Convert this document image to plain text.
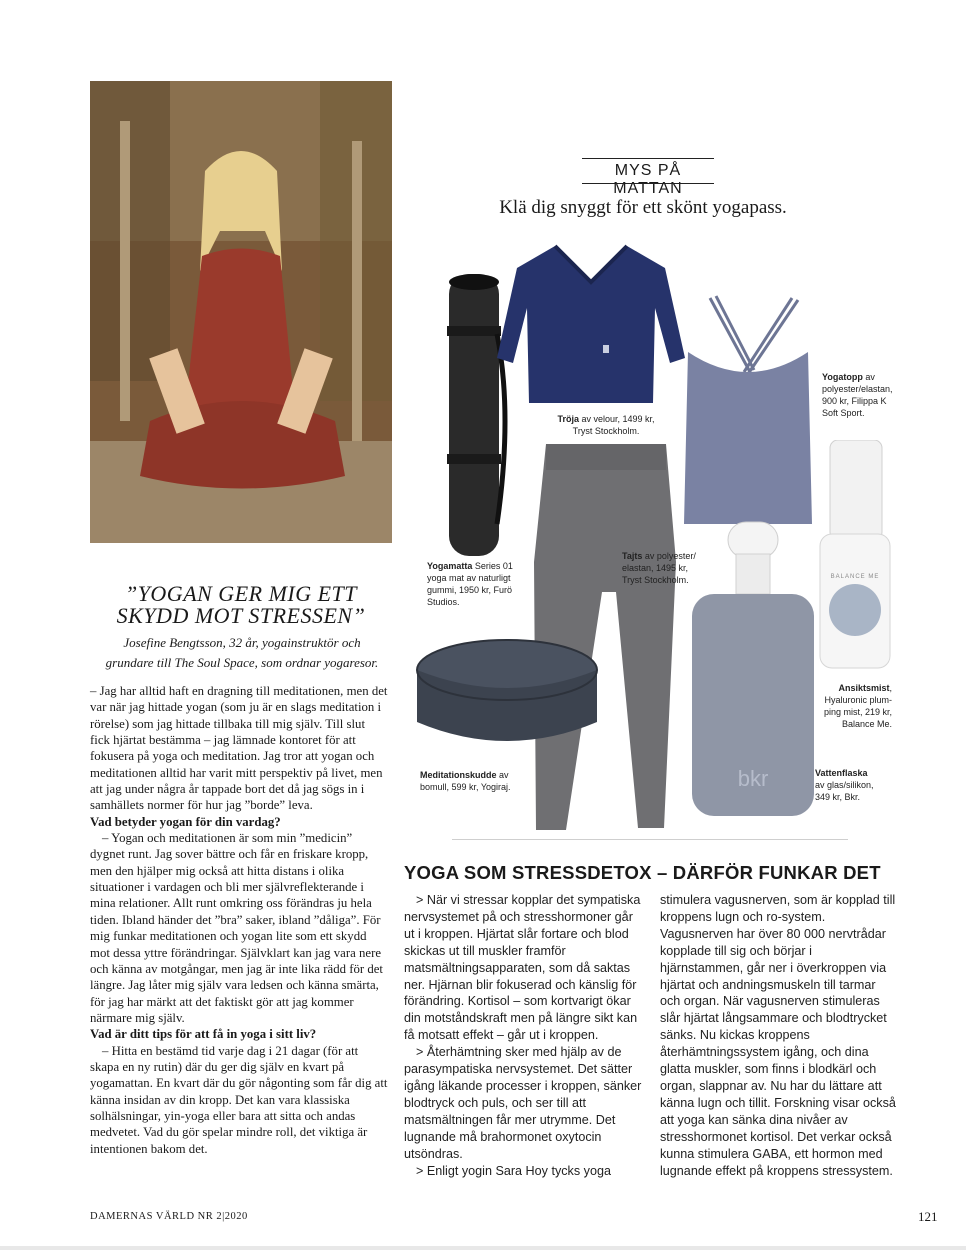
”YOGAN GER MIG ETT
SKYDD MOT STRESSEN”
Josefine Bengtsson, 32 år, yogainstruktör och
grundare till The Soul Space, som ordnar yogaresor.

– Jag har alltid haft en dragning till meditationen, men det var när jag hittade yogan (som ju är en slags meditation i rörelse) som jag hittade tillbaka till mig själv. Till slut fick hjärtat bestämma – jag lämnade kontoret för att fokusera på yoga och meditation. Jag tror att yogan och meditationen alltid har varit mitt perspektiv på livet, men att jag under några år tappade bort det då jag sögs in i samhällets normer för hur jag ”borde” leva.

Vad betyder yogan för din vardag?

– Yogan och meditationen är som min ”medicin” dygnet runt. Jag sover bättre och får en friskare kropp, men den hjälper mig också att hitta distans i olika situationer i vardagen och bli mer självreflekterande i mina relationer. Allt runt omkring oss förändras ju hela tiden. Ibland händer det ”bra” saker, ibland ”dåliga”. För mig funkar meditationen och yogan lite som ett skydd mot dessa yttre förändringar. Självklart kan jag vara nere och känna av motgångar, men jag är inte lika rädd för det längre. Jag låter mig själv vara ledsen och känna smärta, för jag har märkt att det faktiskt gör att jag kommer närmare mig själv.

Vad är ditt tips för att få in yoga i sitt liv?

– Hitta en bestämd tid varje dag i 21 dagar (för att skapa en ny rutin) där du ger dig själv en kvart på yogamattan. En kvart där du gör någonting som får dig att känna insidan av din kropp. Det kan vara klassiska solhälsningar, yin-yoga eller bara att sitta och andas medvetet. Vad du gör spelar mindre roll, det viktiga är intentionen bakom det.

MYS PÅ MATTAN
Klä dig snyggt för ett skönt yogapass.
BALANCE ME
bkr
Tröja av velour, 1499 kr,
Tryst Stockholm.
Yogatopp av
polyester/elastan,
900 kr, Filippa K
Soft Sport.
Yogamatta Series 01
yoga mat av naturligt
gummi, 1950 kr, Furö
Studios.
Tajts av polyester/
elastan, 1495 kr,
Tryst Stockholm.
Ansiktsmist,
Hyaluronic plum-
ping mist, 219 kr,
Balance Me.
Meditationskudde av
bomull, 599 kr, Yogiraj.
Vattenflaska
av glas/silikon,
349 kr, Bkr.
YOGA SOM STRESSDETOX – DÄRFÖR FUNKAR DET

> När vi stressar kopplar det sympatiska nervsystemet på och stresshormoner går ut i kroppen. Hjärtat slår fortare och blod skickas ut till muskler framför matsmältningsapparaten, som då saktas ner. Hjärnan blir fokuserad och känslig för förändring. Kortisol – som kortvarigt ökar din motståndskraft men på längre sikt kan få motsatt effekt – går ut i kroppen.

> Återhämtning sker med hjälp av de parasympatiska nervsystemet. Det sätter igång läkande processer i kroppen, sänker blodtryck och puls, och ser till att matsmältningen får mer utrymme. Det lugnande må brahormonet oxytocin utsöndras.

> Enligt yogin Sara Hoy tycks yoga

stimulera vagusnerven, som är kopplad till kroppens lugn och ro-system. Vagusnerven har över 80 000 nervtrådar kopplade till sig och börjar i hjärnstammen, går ner i överkroppen via hjärtat och andningsmuskeln till tarmar och organ. När vagusnerven stimuleras slår hjärtat långsammare och blodtrycket sänks. Nu kickas kroppens återhämtningssystem igång, och dina glatta muskler, som finns i blodkärl och organ, slappnar av. Nu har du lättare att känna lugn och tillit. Forskning visar också att yoga kan sänka dina nivåer av stresshormonet kortisol. Det verkar också kunna stimulera GABA, ett hormon med lugnande effekt på kroppens stressystem.

DAMERNAS VÄRLD NR 2|2020	121
